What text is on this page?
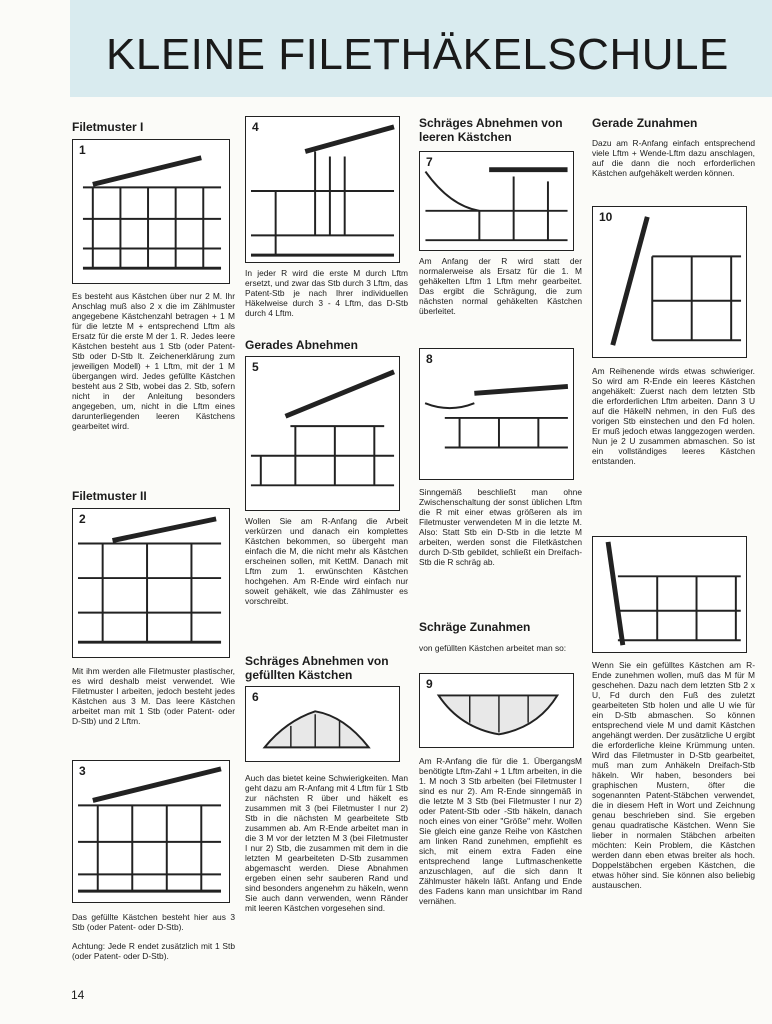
KLEINE FILETHÄKELSCHULE
Filetmuster I
1
Es besteht aus Kästchen über nur 2 M. Ihr Anschlag muß also 2 x die im Zählmuster angegebene Kästchenzahl betragen + 1 M für die letzte M + entsprechend Lftm als Ersatz für die erste M der 1. R. Jedes leere Kästchen besteht aus 1 Stb (oder Patent-Stb oder D-Stb lt. Zeichenerklärung zum jeweiligen Modell) + 1 Lftm, mit der 1 M übergangen wird. Jedes gefüllte Kästchen besteht aus 2 Stb, wobei das 2. Stb, sofern nicht in der Anleitung besonders angegeben, um, nicht in die Lftm eines darunterliegenden leeren Kästchens gearbeitet wird.
Filetmuster II
2
Mit ihm werden alle Filetmuster plastischer, es wird deshalb meist verwendet. Wie Filetmuster I arbeiten, jedoch besteht jedes Kästchen aus 3 M. Das leere Kästchen arbeitet man mit 1 Stb (oder Patent- oder D-Stb) und 2 Lftm.
3
Das gefüllte Kästchen besteht hier aus 3 Stb (oder Patent- oder D-Stb).
Achtung: Jede R endet zusätzlich mit 1 Stb (oder Patent- oder D-Stb).
4
In jeder R wird die erste M durch Lftm ersetzt, und zwar das Stb durch 3 Lftm, das Patent-Stb je nach Ihrer individuellen Häkelweise durch 3 - 4 Lftm, das D-Stb durch 4 Lftm.
Gerades Abnehmen
5
Wollen Sie am R-Anfang die Arbeit verkürzen und danach ein komplettes Kästchen bekommen, so übergeht man einfach die M, die nicht mehr als Kästchen erscheinen sollen, mit KettM. Danach mit Lftm zum 1. erwünschten Kästchen hochgehen. Am R-Ende wird einfach nur soweit gehäkelt, wie das Zählmuster es vorschreibt.
Schräges Abnehmen von gefüllten Kästchen
6
Auch das bietet keine Schwierigkeiten. Man geht dazu am R-Anfang mit 4 Lftm für 1 Stb zur nächsten R über und häkelt es zusammen mit 3 (bei Filetmuster I nur 2) Stb in die nächsten M gearbeitete Stb zusammen ab. Am R-Ende arbeitet man in die 3 M vor der letzten M 3 (bei Filetmuster I nur 2) Stb, die zusammen mit dem in die letzten M gearbeiteten D-Stb zusammen abgemascht werden. Diese Abnahmen ergeben einen sehr sauberen Rand und sind besonders angenehm zu häkeln, wenn Sie auch dann verwenden, wenn Ränder mit leeren Kästchen vorgesehen sind.
Schräges Abnehmen von leeren Kästchen
7
Am Anfang der R wird statt der normalerweise als Ersatz für die 1. M gehäkelten Lftm 1 Lftm mehr gearbeitet. Das ergibt die Schrägung, die zum nächsten normal gehäkelten Kästchen überleitet.
8
Sinngemäß beschließt man ohne Zwischenschaltung der sonst üblichen Lftm die R mit einer etwas größeren als im Filetmuster verwendeten M in die letzte M. Also: Statt Stb ein D-Stb in die letzte M arbeiten, werden sonst die Filetkästchen durch D-Stb gebildet, schließt ein Dreifach-Stb die R schräg ab.
Schräge Zunahmen
von gefüllten Kästchen arbeitet man so:
9
Am R-Anfang die für die 1. ÜbergangsM benötigte Lftm-Zahl + 1 Lftm arbeiten, in die 1. M noch 3 Stb arbeiten (bei Filetmuster I sind es nur 2). Am R-Ende sinngemäß in die letzte M 3 Stb (bei Filetmuster I nur 2) oder Patent-Stb oder -Stb häkeln, danach noch eines von einer "Größe" mehr. Wollen Sie gleich eine ganze Reihe von Kästchen am linken Rand zunehmen, empfiehlt es sich, mit einem extra Faden eine entsprechend lange Luftmaschenkette anzuschlagen, auf die sich dann lt Zählmuster häkeln läßt. Anfang und Ende des Fadens kann man unsichtbar im Rand vernähen.
Gerade Zunahmen
Dazu am R-Anfang einfach entsprechend viele Lftm + Wende-Lftm dazu anschlagen, auf die dann die noch erforderlichen Kästchen aufgehäkelt werden können.
10
Am Reihenende wirds etwas schwieriger. So wird am R-Ende ein leeres Kästchen angehäkelt: Zuerst nach dem letzten Stb die erforderlichen Lftm arbeiten. Dann 3 U auf die HäkelN nehmen, in den Fuß des vorigen Stb einstechen und den Fd holen. Er muß jedoch etwas langgezogen werden. Nun je 2 U zusammen abmaschen. So ist ein vollständiges leeres Kästchen entstanden.
Wenn Sie ein gefülltes Kästchen am R-Ende zunehmen wollen, muß das M für M geschehen. Dazu nach dem letzten Stb 2 x U, Fd durch den Fuß des zuletzt gearbeiteten Stb holen und alle U wie für ein D-Stb abmaschen. So können entsprechend viele M und damit Kästchen angehängt werden. Der zusätzliche U ergibt die erforderliche kleine Krümmung unten. Wird das Filetmuster in D-Stb gearbeitet, muß man zum Anhäkeln Dreifach-Stb häkeln. Wir haben, besonders bei graphischen Mustern, öfter die sogenannten Patent-Stäbchen verwendet, die in diesem Heft in Wort und Zeichnung genau beschrieben sind. Sie ergeben genau quadratische Kästchen. Wenn Sie lieber in normalen Stäbchen arbeiten möchten: Kein Problem, die Kästchen werden dann eben etwas breiter als hoch. Doppelstäbchen ergeben Kästchen, die etwas höher sind. Sie können also beliebig austauschen.
14
